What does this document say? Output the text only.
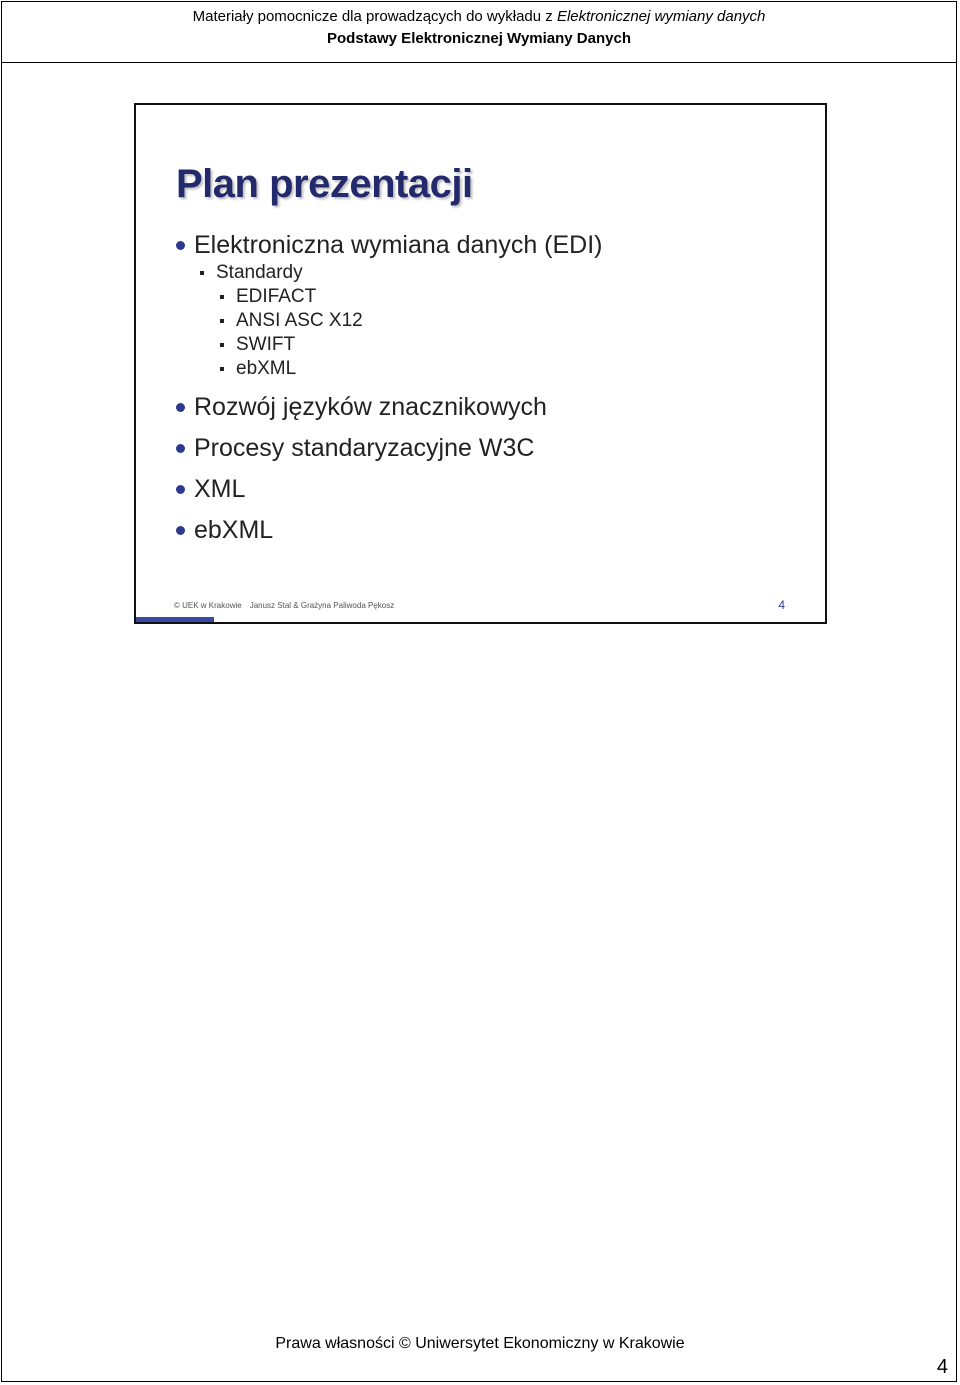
Materiały pomocnicze dla prowadzących do wykładu z Elektronicznej wymiany danych
Podstawy Elektronicznej Wymiany Danych
Plan prezentacji
Elektroniczna wymiana danych (EDI)
Standardy
EDIFACT
ANSI ASC X12
SWIFT
ebXML
Rozwój języków znacznikowych
Procesy standaryzacyjne W3C
XML
ebXML
© UEK w Krakowie Janusz Stal & Grażyna Paliwoda Pękosz	4
Prawa własności © Uniwersytet Ekonomiczny w Krakowie
4
